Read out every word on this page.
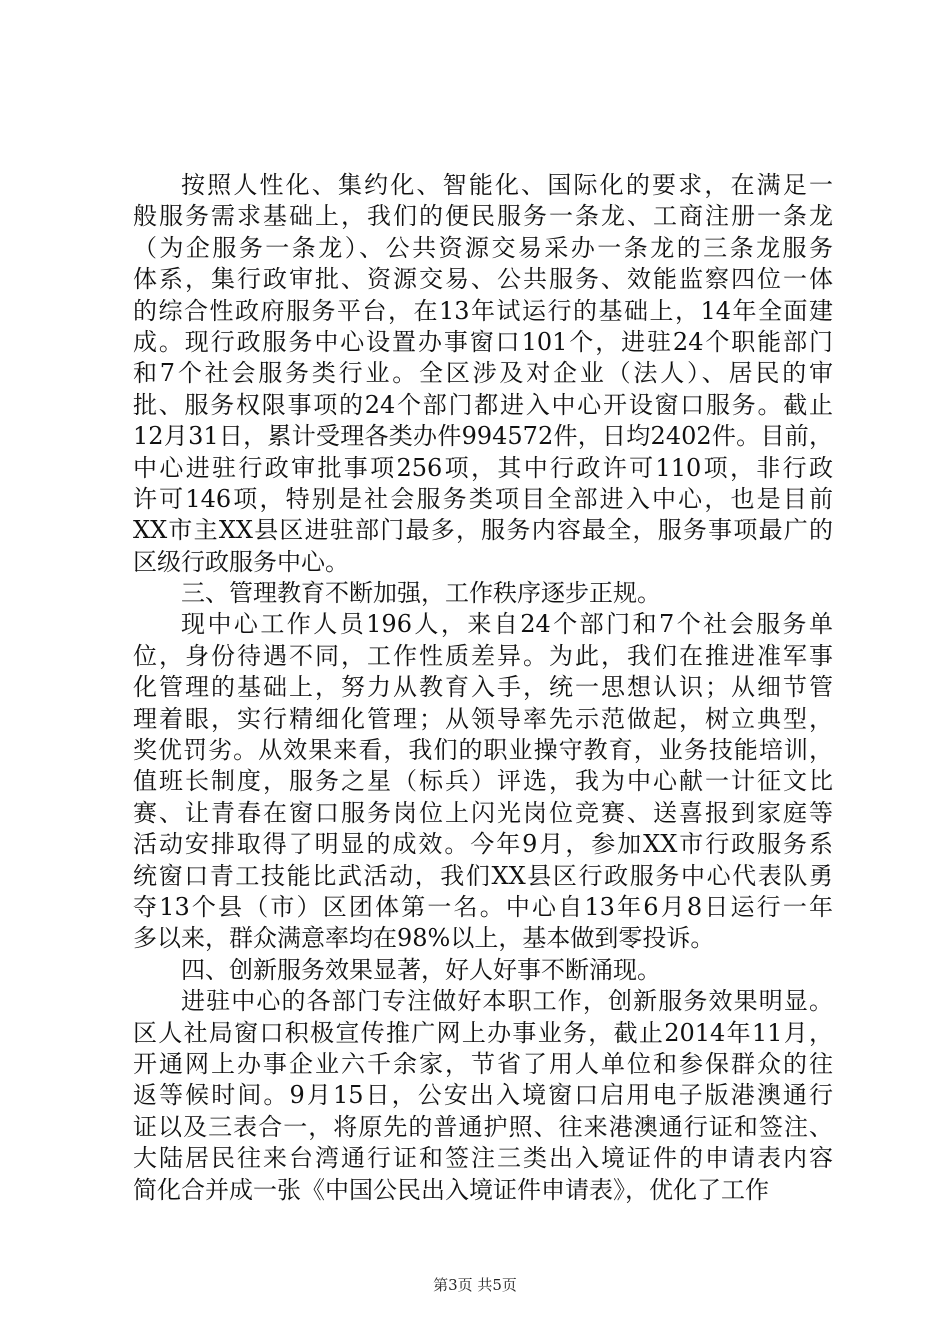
按照人性化、集约化、智能化、国际化的要求，在满足一
般服务需求基础上，我们的便民服务一条龙、工商注册一条龙
（为企服务一条龙）、公共资源交易采办一条龙的三条龙服务
体系，集行政审批、资源交易、公共服务、效能监察四位一体
的综合性政府服务平台，在13年试运行的基础上，14年全面建
成。现行政服务中心设置办事窗口101个，进驻24个职能部门
和7个社会服务类行业。全区涉及对企业（法人）、居民的审
批、服务权限事项的24个部门都进入中心开设窗口服务。截止
12月31日，累计受理各类办件994572件，日均2402件。目前，
中心进驻行政审批事项256项，其中行政许可110项，非行政
许可146项，特别是社会服务类项目全部进入中心，也是目前
XX市主XX县区进驻部门最多，服务内容最全，服务事项最广的
区级行政服务中心。
三、管理教育不断加强，工作秩序逐步正规。
现中心工作人员196人，来自24个部门和7个社会服务单
位，身份待遇不同，工作性质差异。为此，我们在推进准军事
化管理的基础上，努力从教育入手，统一思想认识；从细节管
理着眼，实行精细化管理；从领导率先示范做起，树立典型，
奖优罚劣。从效果来看，我们的职业操守教育，业务技能培训，
值班长制度，服务之星（标兵）评选，我为中心献一计征文比
赛、让青春在窗口服务岗位上闪光岗位竞赛、送喜报到家庭等
活动安排取得了明显的成效。今年9月，参加XX市行政服务系
统窗口青工技能比武活动，我们XX县区行政服务中心代表队勇
夺13个县（市）区团体第一名。中心自13年6月8日运行一年
多以来，群众满意率均在98%以上，基本做到零投诉。
四、创新服务效果显著，好人好事不断涌现。
进驻中心的各部门专注做好本职工作，创新服务效果明显。
区人社局窗口积极宣传推广网上办事业务，截止2014年11月，
开通网上办事企业六千余家，节省了用人单位和参保群众的往
返等候时间。9月15日，公安出入境窗口启用电子版港澳通行
证以及三表合一，将原先的普通护照、往来港澳通行证和签注、
大陆居民往来台湾通行证和签注三类出入境证件的申请表内容
简化合并成一张《中国公民出入境证件申请表》，优化了工作
第3页 共5页
